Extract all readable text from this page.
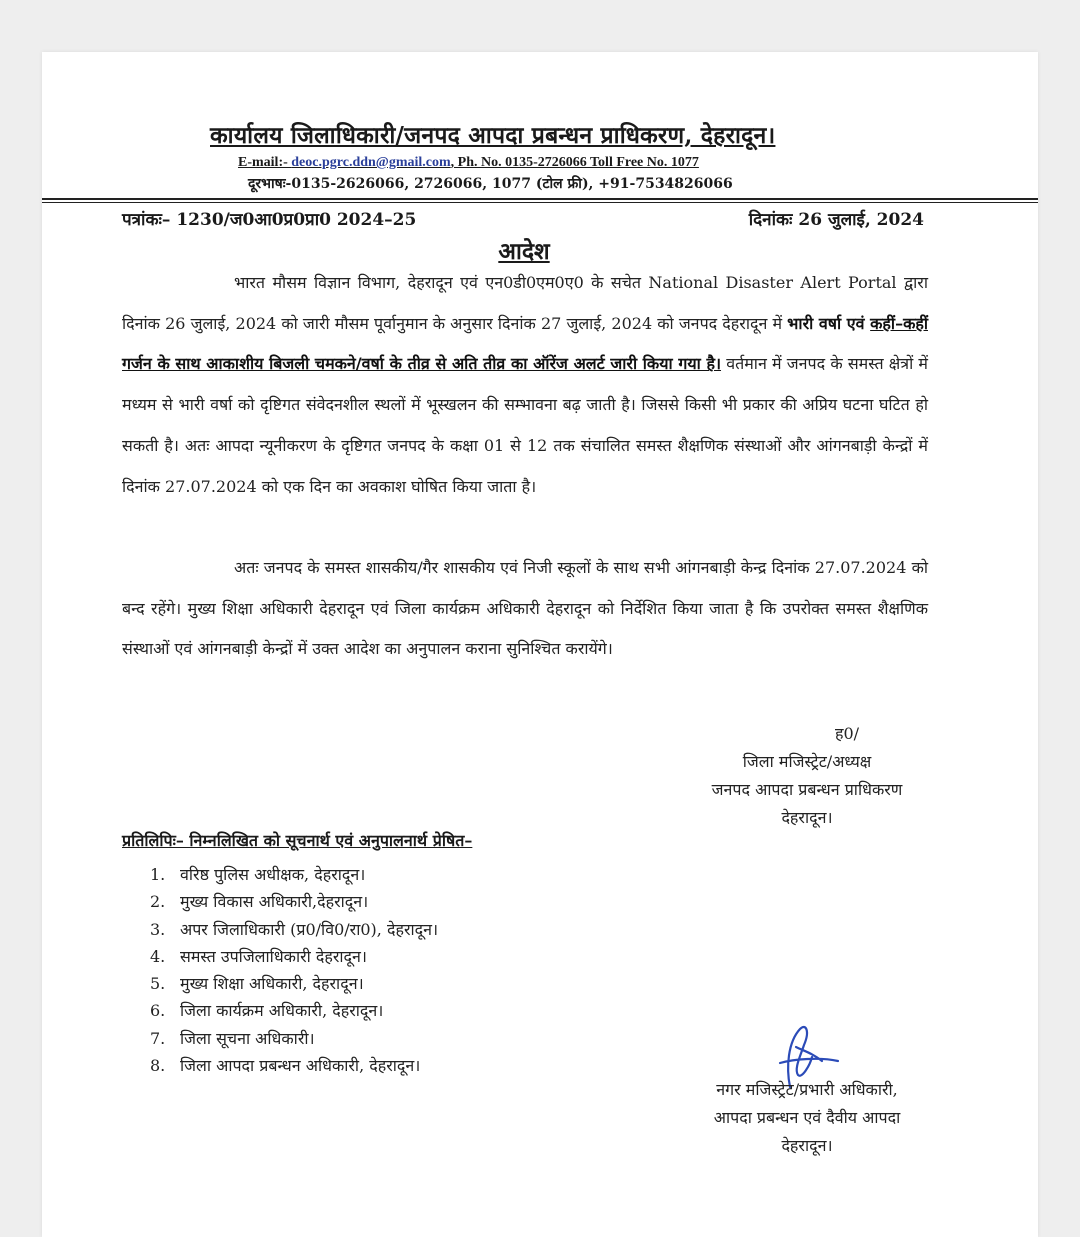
कार्यालय जिलाधिकारी/जनपद आपदा प्रबन्धन प्राधिकरण, देहरादून।
E-mail:- deoc.pgrc.ddn@gmail.com, Ph. No. 0135-2726066 Toll Free No. 1077
दूरभाषः-0135-2626066, 2726066, 1077 (टोल फ्री), +91-7534826066
पत्रांकः– 1230/ज0आ0प्र0प्रा0 2024–25	दिनांकः 26 जुलाई, 2024
आदेश
भारत मौसम विज्ञान विभाग, देहरादून एवं एन0डी0एम0ए0 के सचेत National Disaster Alert Portal द्वारा दिनांक 26 जुलाई, 2024 को जारी मौसम पूर्वानुमान के अनुसार दिनांक 27 जुलाई, 2024 को जनपद देहरादून में भारी वर्षा एवं कहीं–कहीं गर्जन के साथ आकाशीय बिजली चमकने/वर्षा के तीव्र से अति तीव्र का ऑरेंज अलर्ट जारी किया गया है। वर्तमान में जनपद के समस्त क्षेत्रों में मध्यम से भारी वर्षा को दृष्टिगत संवेदनशील स्थलों में भूस्खलन की सम्भावना बढ़ जाती है। जिससे किसी भी प्रकार की अप्रिय घटना घटित हो सकती है। अतः आपदा न्यूनीकरण के दृष्टिगत जनपद के कक्षा 01 से 12 तक संचालित समस्त शैक्षणिक संस्थाओं और आंगनबाड़ी केन्द्रों में दिनांक 27.07.2024 को एक दिन का अवकाश घोषित किया जाता है।
अतः जनपद के समस्त शासकीय/गैर शासकीय एवं निजी स्कूलों के साथ सभी आंगनबाड़ी केन्द्र दिनांक 27.07.2024 को बन्द रहेंगे। मुख्य शिक्षा अधिकारी देहरादून एवं जिला कार्यक्रम अधिकारी देहरादून को निर्देशित किया जाता है कि उपरोक्त समस्त शैक्षणिक संस्थाओं एवं आंगनबाड़ी केन्द्रों में उक्त आदेश का अनुपालन कराना सुनिश्चित करायेंगे।
ह0/
जिला मजिस्ट्रेट/अध्यक्ष
जनपद आपदा प्रबन्धन प्राधिकरण
देहरादून।
प्रतिलिपिः– निम्नलिखित को सूचनार्थ एवं अनुपालनार्थ प्रेषित–
1. वरिष्ठ पुलिस अधीक्षक, देहरादून।
2. मुख्य विकास अधिकारी,देहरादून।
3. अपर जिलाधिकारी (प्र0/वि0/रा0), देहरादून।
4. समस्त उपजिलाधिकारी देहरादून।
5. मुख्य शिक्षा अधिकारी, देहरादून।
6. जिला कार्यक्रम अधिकारी, देहरादून।
7. जिला सूचना अधिकारी।
8. जिला आपदा प्रबन्धन अधिकारी, देहरादून।
नगर मजिस्ट्रेट/प्रभारी अधिकारी,
आपदा प्रबन्धन एवं दैवीय आपदा
देहरादून।
